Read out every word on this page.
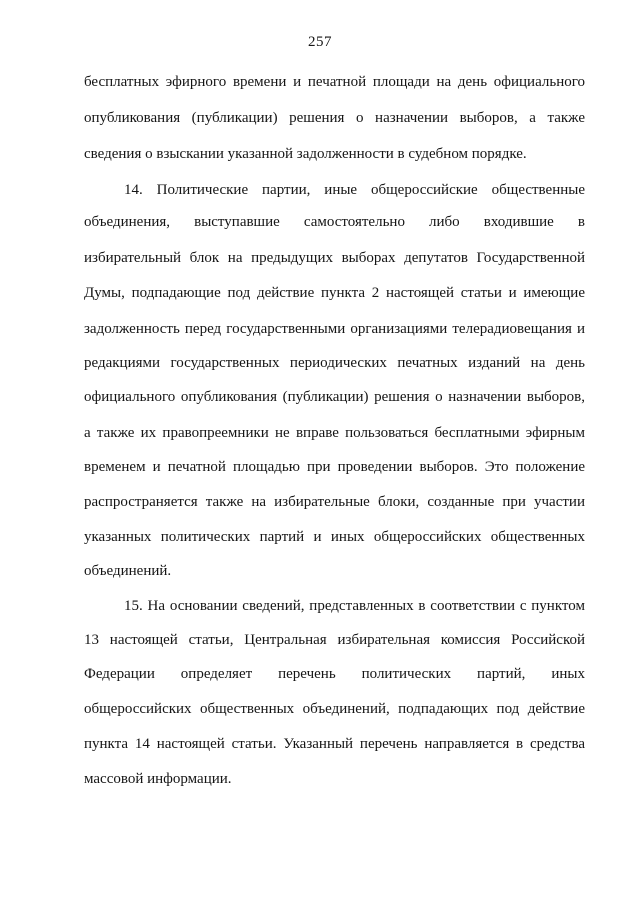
257
бесплатных эфирного времени и печатной площади на день официального
опубликования (публикации) решения о назначении выборов, а также
сведения о взыскании указанной задолженности в судебном порядке.
14. Политические партии, иные общероссийские общественные
объединения, выступавшие самостоятельно либо входившие в
избирательный блок на предыдущих выборах депутатов Государственной
Думы, подпадающие под действие пункта 2 настоящей статьи и имеющие
задолженность перед государственными организациями телерадиовещания и
редакциями государственных периодических печатных изданий на день
официального опубликования (публикации) решения о назначении выборов,
а также их правопреемники не вправе пользоваться бесплатными эфирным
временем и печатной площадью при проведении выборов. Это положение
распространяется также на избирательные блоки, созданные при участии
указанных политических партий и иных общероссийских общественных
объединений.
15. На основании сведений, представленных в соответствии с пунктом
13 настоящей статьи, Центральная избирательная комиссия Российской
Федерации определяет перечень политических партий, иных
общероссийских общественных объединений, подпадающих под действие
пункта 14 настоящей статьи. Указанный перечень направляется в средства
массовой информации.
